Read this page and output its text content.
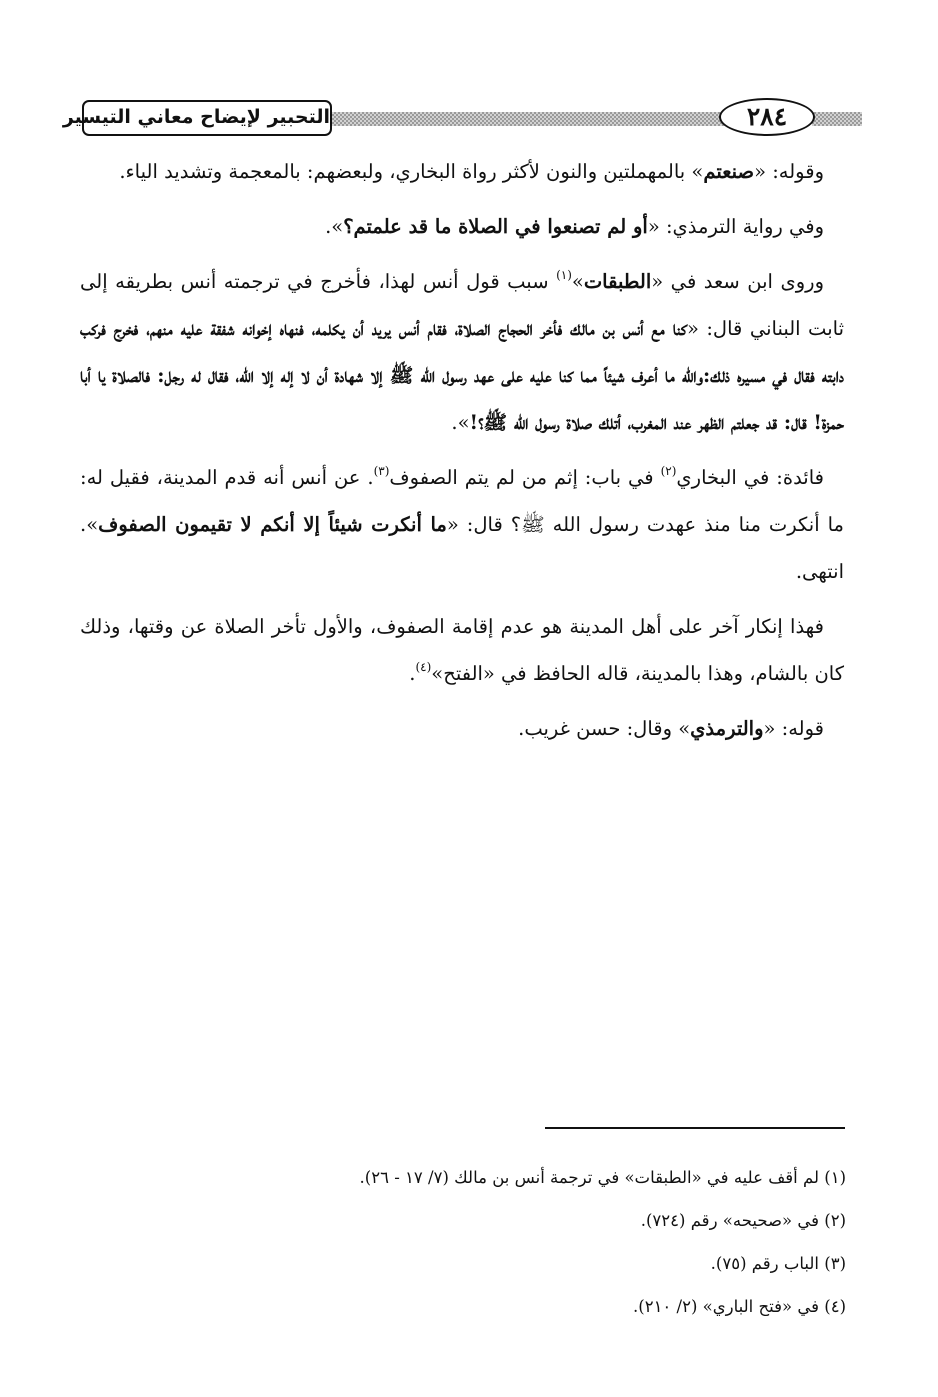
التحبير لإيضاح معاني التيسير	٢٨٤

وقوله: «صنعتم» بالمهملتين والنون لأكثر رواة البخاري، ولبعضهم: بالمعجمة وتشديد الياء.

وفي رواية الترمذي: «أو لم تصنعوا في الصلاة ما قد علمتم؟».

وروى ابن سعد في «الطبقات»$^{(١)}$ سبب قول أنس لهذا، فأخرج في ترجمته أنس بطريقه إلى ثابت البناني قال: «كنا مع أنس بن مالك فأخر الحجاج الصلاة، فقام أنس يريد أن يكلمه، فنهاه إخوانه شفقة عليه منهم، فخرج فركب دابته فقال في مسيره ذلك:والله ما أعرف شيئاً مما كنا عليه على عهد رسول الله ﷺ إلا شهادة أن لا إله إلا الله، فقال له رجل: فالصلاة يا أبا حمزة! قال: قد جعلتم الظهر عند المغرب، أتلك صلاة رسول الله ﷺ؟!».

فائدة: في البخاري$^{(٢)}$ في باب: إثم من لم يتم الصفوف$^{(٣)}$. عن أنس أنه قدم المدينة، فقيل له: ما أنكرت منا منذ عهدت رسول الله ﷺ؟ قال: «ما أنكرت شيئاً إلا أنكم لا تقيمون الصفوف». انتهى.

فهذا إنكار آخر على أهل المدينة هو عدم إقامة الصفوف، والأول تأخر الصلاة عن وقتها، وذلك كان بالشام، وهذا بالمدينة، قاله الحافظ في «الفتح»$^{(٤)}$.

قوله: «والترمذي» وقال: حسن غريب.

(١) لم أقف عليه في «الطبقات» في ترجمة أنس بن مالك (٧/ ١٧ - ٢٦).

(٢) في «صحيحه» رقم (٧٢٤).

(٣) الباب رقم (٧٥).

(٤) في «فتح الباري» (٢/ ٢١٠).
